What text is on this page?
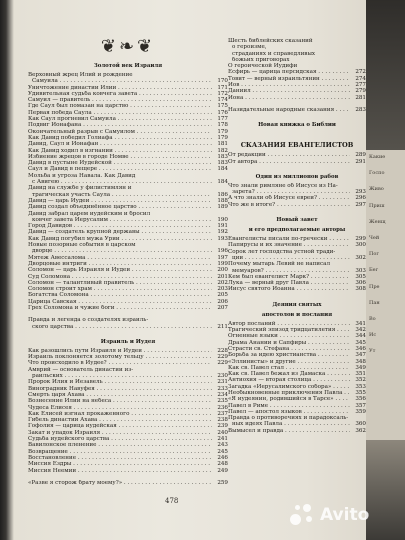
❦❧❦
Золотой век Израиля
Верховный жрец Илий и рождение
Самуила . . .	170
Уничтожение династии Илии . . .	171
Удивительная судьба ковчега завета . . .	172
Самуил — правитель . . .	174
Где Саул был помазан на царство . . .	175
Первая победа Саула . . .	176
Как Саул прогневил Самуила . . .	177
Подвиг Ионафана . . .	178
Окончательный разрыв с Самуилом . . .	179
Как Давид победил Голиафа . . .	179
Давид, Саул и Ионафан . . .	181
Как Давид ходил в изгнании . . .	182
Избиение жрецов в городе Номве . . .	183
Давид в пустыне Иудейской . . .	183
Саул и Давид в пещере . . .	184
Мольба и угроза Навала. Как Давид
с Авигею . . .	184
Давид на службе у филистимлян и
трагическая участь Саула . . .	186
Давид — царь Иудеи . . .	188
Давид создал объединённое царство . . .	189
Давид забрал царем иудейским и бросил
ковчег завета Иерусалим . . .	190
Город Давидов . . .	191
Давид — создатель крупной державы . . .	192
Как Давид погубил мужа Урии . . .	193
Новые позорные события в царском
дворце . . .	196
Мятеж Авессалома . . .	197
Дворцовые интриги . . .	199
Соломон — царь Израиля и Иудеи . . .	200
Суд Соломона . . .	201
Соломон — талантливый правитель . . .	202
Соломон строит храм . . .	203
Богатства Соломона . . .	205
Царица Савская . . .	206
Грех Соломона и чужие боги . . .	207
Правда и легенда о создателях израиль-
ского царства . . .	211
Израиль и Иудея
Как разошлись пути Израиля и Иудеи . . .	228
Израиль поклоняется золотому тельцу . . .	229
Что происходило в Иудее? . . .	229
Амврий — основатель династии из-
раильских . . .	230
Пророк Илия и Иезавель . . .	231
Виноградник Навуфея . . .	233
Смерть царя Ахава . . .	234
Вознесение Илии на небеса . . .	235
Чудеса Елисея . . .	236
Как Елисей изгнал прокаженного . . .	237
Гибель династии Ахава . . .	238
Гофолия — царица иудейская . . .	239
Закат и упадок Израиля . . .	240
Судьба иудейского царства . . .	241
Вавилонское пленение . . .	243
Возвращение . . .	245
Восстановление . . .	246
Миссия Ездры . . .	248
Миссия Неемии . . .	249
«Разве я сторож брату моему?» . . .	259
Шесть библейских сказаний
о героизме,
страданиях и справедливых
божьих приговорах
О героической Иудифи
Есфирь — царица персидская . . .	272
Товит — верный израильтянин . . .	274
Иов . . .	277
Даниил . . .	279
Иона . . .	281
Назидательные народные сказания . . .	283
Новая книжка о Библии
СКАЗАНИЯ ЕВАНГЕЛИСТОВ
От редакции . . .	289
От автора . . .	291
Один из миллионов рабов
Что знали римляне об Иисусе из На-
зарета? . . .	293
А что знали об Иисусе евреи? . . .	296
Что же в итоге? . . .	297
Новый завет
и его предполагаемые авторы
Евангелисты писали по-гречески . . .	299
Папирусы и их значение . . .	300
Сорок лет господства устной тради-
ции . . .	302
Почему мытарь Левий не написал
мемуаров? . . .	303
Кем был евангелист Марк? . . .	305
Лука — верный друг Павла . . .	306
Иисус святого Иоанна . . .	308
Деяния святых
апостолов и послания
Автор посланий . . .	341
Трагический эпизод тридцатилетия . . .	342
Огненные языки . . .	344
Драма Анании и Сапфиры . . .	345
Страсти св. Стефана . . .	346
Борьба за идею христианства . . .	347
«Эллинисты» и другие . . .	348
Как св. Павел стал . . .	349
Как св. Павел бежал из Дамаска . . .	351
Антиохия — вторая столица . . .	352
Загадка «Иерусалимского собора» . . .	353
Необыкновенные приключения Павла . . .	355
«Я иудеянин, родившийся в Тарсе» . . .	356
Павел в Риме . . .	357
Павел — апостол языков . . .	359
Правда о противоречиях и парадоксаль-
ных идеях Павла . . .	360
Вымысел и правда . . .	362
478
Какие
Госпо
Живо
Приш
Женщ
Чей
Пог
Бег
Пре
Пан
Во
Ис
Ут
Avito
